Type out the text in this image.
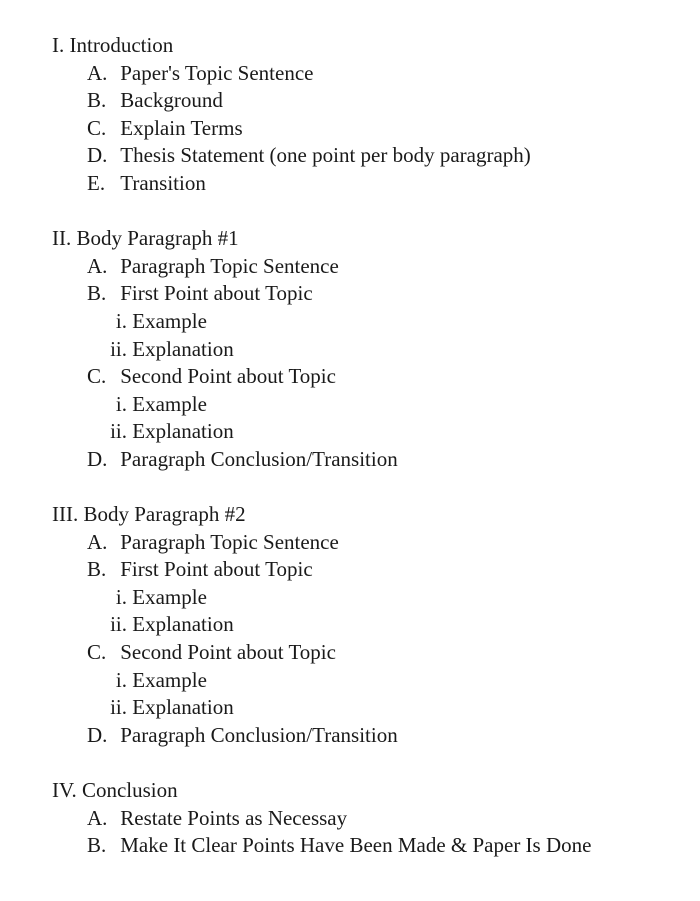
I. Introduction
A. Paper's Topic Sentence
B. Background
C. Explain Terms
D. Thesis Statement (one point per body paragraph)
E. Transition
II. Body Paragraph #1
A. Paragraph Topic Sentence
B. First Point about Topic
i. Example
ii. Explanation
C. Second Point about Topic
i. Example
ii. Explanation
D. Paragraph Conclusion/Transition
III. Body Paragraph #2
A. Paragraph Topic Sentence
B. First Point about Topic
i. Example
ii. Explanation
C. Second Point about Topic
i. Example
ii. Explanation
D. Paragraph Conclusion/Transition
IV. Conclusion
A. Restate Points as Necessay
B. Make It Clear Points Have Been Made & Paper Is Done
